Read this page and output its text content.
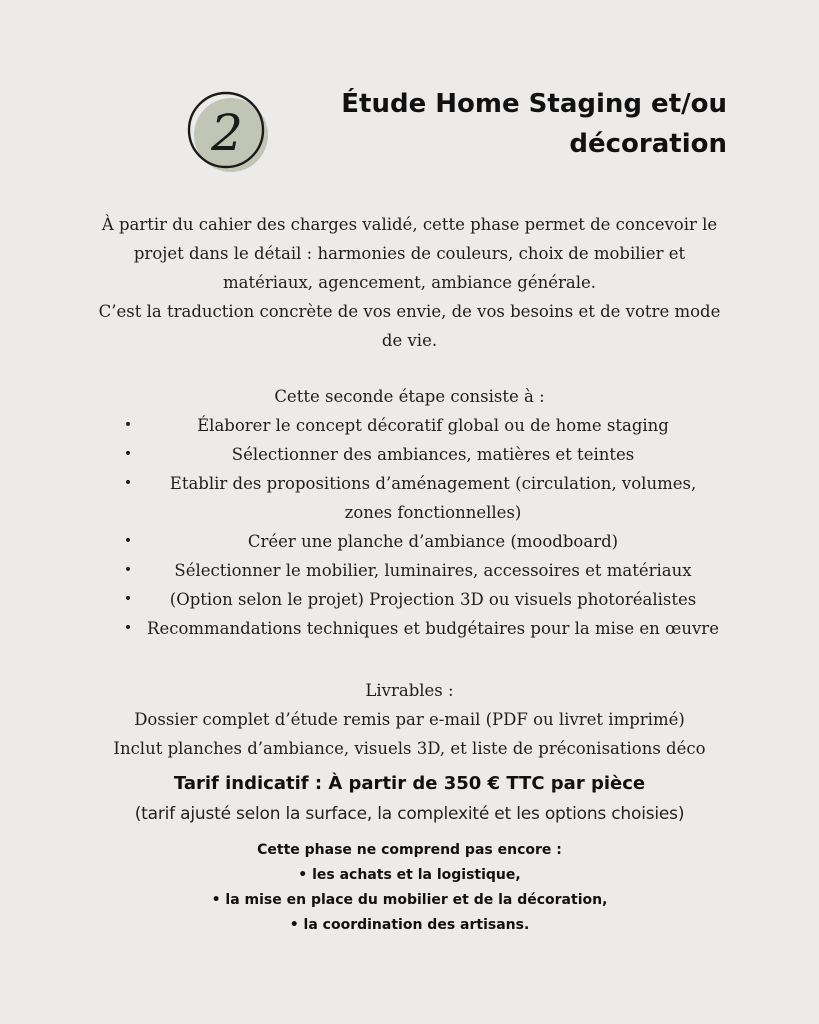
2	Étude Home Staging et/ou
décoration
À partir du cahier des charges validé, cette phase permet de concevoir le
projet dans le détail : harmonies de couleurs, choix de mobilier et
matériaux, agencement, ambiance générale.
C’est la traduction concrète de vos envie, de vos besoins et de votre mode
de vie.
Cette seconde étape consiste à :
•	Élaborer le concept décoratif global ou de home staging
•	Sélectionner des ambiances, matières et teintes
•	Etablir des propositions d’aménagement (circulation, volumes,
zones fonctionnelles)
•	Créer une planche d’ambiance (moodboard)
•	Sélectionner le mobilier, luminaires, accessoires et matériaux
•	(Option selon le projet) Projection 3D ou visuels photoréalistes
• Recommandations techniques et budgétaires pour la mise en œuvre
Livrables :
Dossier complet d’étude remis par e-mail (PDF ou livret imprimé)
Inclut planches d’ambiance, visuels 3D, et liste de préconisations déco
Tarif indicatif : À partir de 350 € TTC par pièce
(tarif ajusté selon la surface, la complexité et les options choisies)
Cette phase ne comprend pas encore :
• les achats et la logistique,
• la mise en place du mobilier et de la décoration,
• la coordination des artisans.
